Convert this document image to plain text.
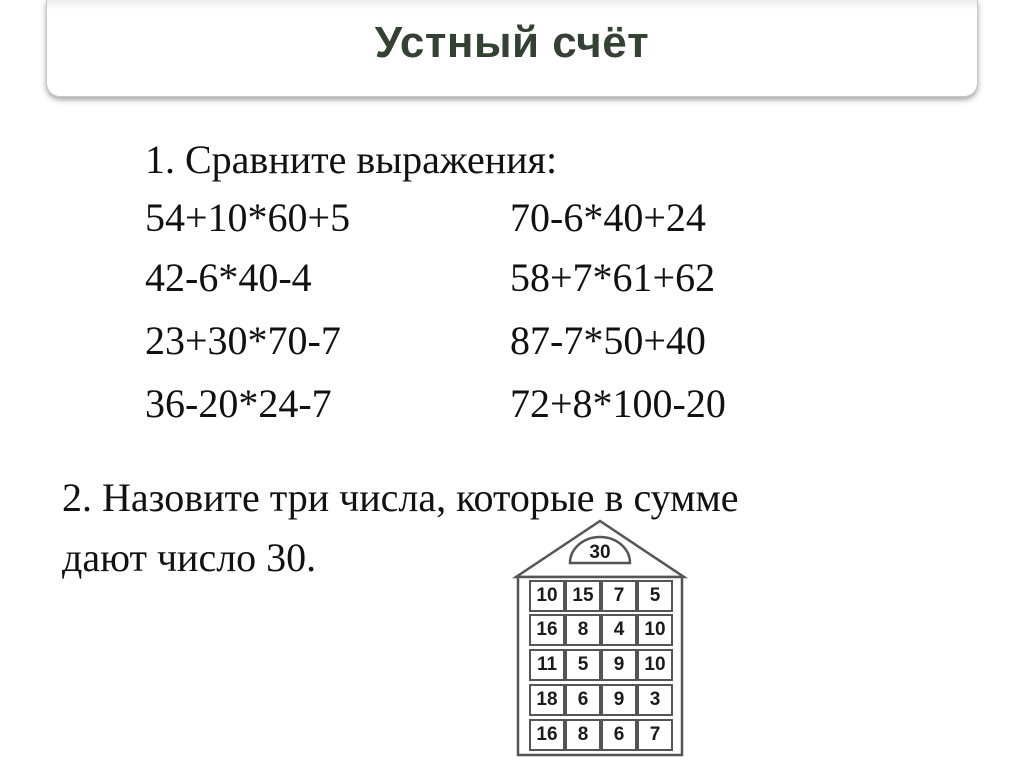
Устный счёт
1. Сравните выражения:
54+10*60+5	70-6*40+24
42-6*40-4	58+7*61+62
23+30*70-7	87-7*50+40
36-20*24-7	72+8*100-20
2. Назовите три числа, которые в сумме
дают число 30.	30
10 15	7	5
16	8	4	10
11	5	9	10
18	6	9	3
16	8	6	7
